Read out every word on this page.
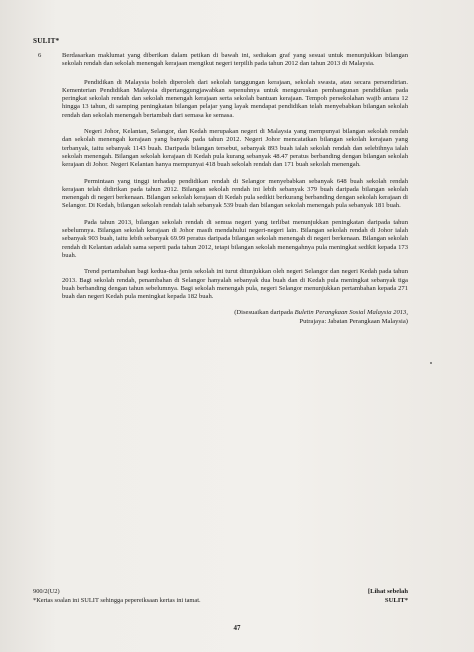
SULIT*
6	Berdasarkan maklumat yang diberikan dalam petikan di bawah ini, sediakan graf yang sesuai untuk menunjukkan bilangan sekolah rendah dan sekolah menengah kerajaan mengikut negeri terpilih pada tahun 2012 dan tahun 2013 di Malaysia.

Pendidikan di Malaysia boleh diperoleh dari sekolah tanggungan kerajaan, sekolah swasta, atau secara persendirian. Kementerian Pendidikan Malaysia dipertanggungjawabkan sepenuhnya untuk menguruskan pembangunan pendidikan pada peringkat sekolah rendah dan sekolah menengah kerajaan serta sekolah bantuan kerajaan. Tempoh persekolahan wajib antara 12 hingga 13 tahun, di samping peningkatan bilangan pelajar yang layak mendapat pendidikan telah menyebabkan bilangan sekolah rendah dan sekolah menengah bertambah dari semasa ke semasa.

Negeri Johor, Kelantan, Selangor, dan Kedah merupakan negeri di Malaysia yang mempunyai bilangan sekolah rendah dan sekolah menengah kerajaan yang banyak pada tahun 2012. Negeri Johor mencatatkan bilangan sekolah kerajaan yang terbanyak, iaitu sebanyak 1143 buah. Daripada bilangan tersebut, sebanyak 893 buah ialah sekolah rendah dan selebihnya ialah sekolah menengah. Bilangan sekolah kerajaan di Kedah pula kurang sebanyak 48.47 peratus berbanding dengan bilangan sekolah kerajaan di Johor. Negeri Kelantan hanya mempunyai 418 buah sekolah rendah dan 171 buah sekolah menengah.

Permintaan yang tinggi terhadap pendidikan rendah di Selangor menyebabkan sebanyak 648 buah sekolah rendah kerajaan telah didirikan pada tahun 2012. Bilangan sekolah rendah ini lebih sebanyak 379 buah daripada bilangan sekolah menengah di negeri berkenaan. Bilangan sekolah kerajaan di Kedah pula sedikit berkurang berbanding dengan sekolah kerajaan di Selangor. Di Kedah, bilangan sekolah rendah ialah sebanyak 539 buah dan bilangan sekolah menengah pula sebanyak 181 buah.

Pada tahun 2013, bilangan sekolah rendah di semua negeri yang terlibat menunjukkan peningkatan daripada tahun sebelumnya. Bilangan sekolah kerajaan di Johor masih mendahului negeri-negeri lain. Bilangan sekolah rendah di Johor ialah sebanyak 903 buah, iaitu lebih sebanyak 69.99 peratus daripada bilangan sekolah menengah di negeri berkenaan. Bilangan sekolah rendah di Kelantan adalah sama seperti pada tahun 2012, tetapi bilangan sekolah menengahnya pula meningkat sedikit kepada 173 buah.

Trend pertambahan bagi kedua-dua jenis sekolah ini turut ditunjukkan oleh negeri Selangor dan negeri Kedah pada tahun 2013. Bagi sekolah rendah, penambahan di Selangor hanyalah sebanyak dua buah dan di Kedah pula meningkat sebanyak tiga buah berbanding dengan tahun sebelumnya. Bagi sekolah menengah pula, negeri Selangor menunjukkan pertambahan kepada 271 buah dan negeri Kedah pula meningkat kepada 182 buah.

(Disesuaikan daripada Buletin Perangkaan Sosial Malaysia 2013,
Putrajaya: Jabatan Perangkaan Malaysia)
900/2(U2)
*Kertas soalan ini SULIT sehingga pepereiksaan kertas ini tamat.
[Lihat sebelah
SULIT*
47
